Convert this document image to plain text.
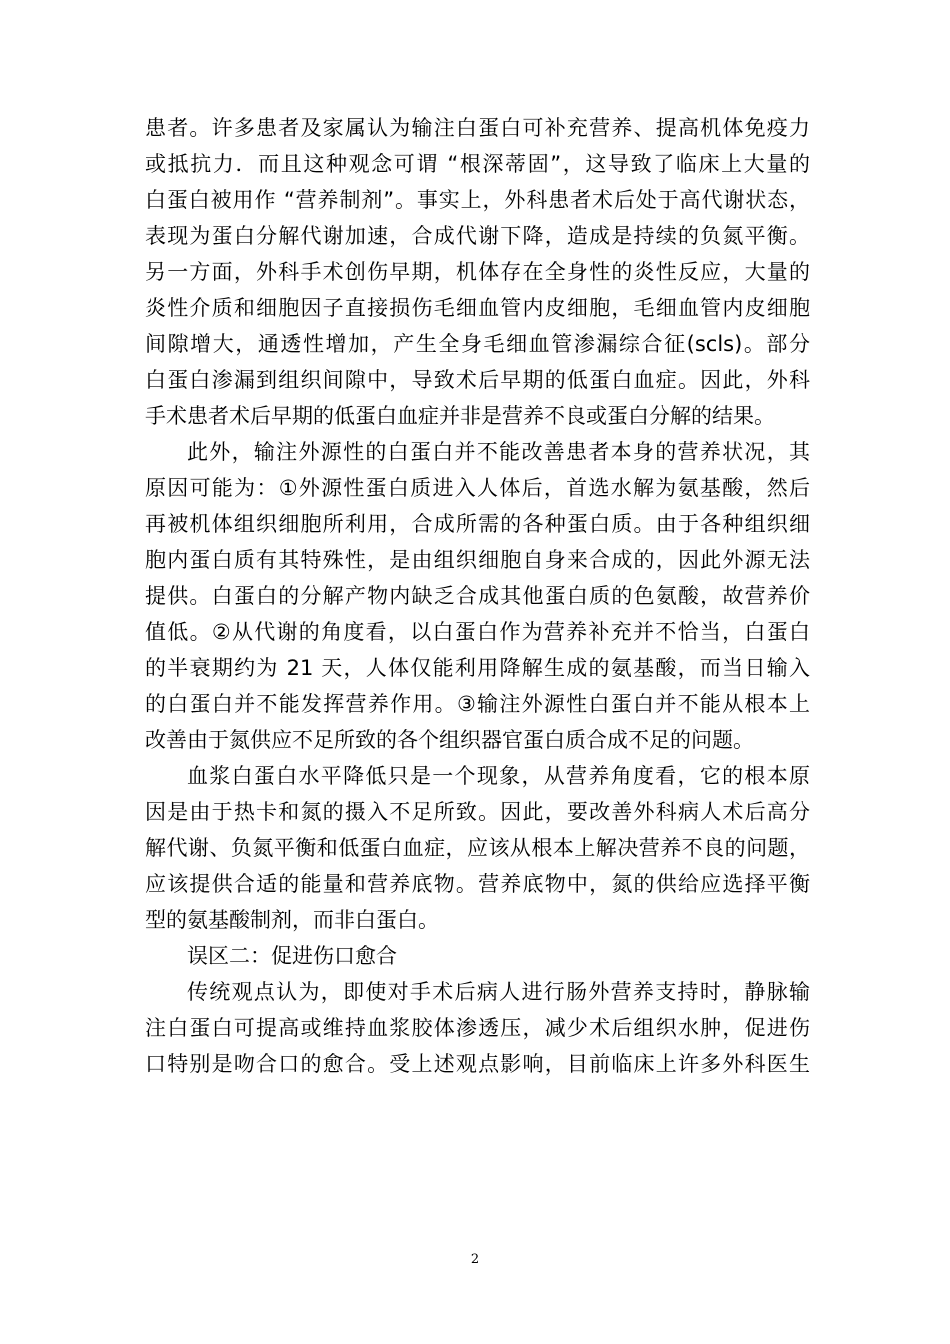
患者。许多患者及家属认为输注白蛋白可补充营养、提高机体免疫力
或抵抗力．而且这种观念可谓 “根深蒂固”，这导致了临床上大量的
白蛋白被用作 “营养制剂”。事实上，外科患者术后处于高代谢状态，
表现为蛋白分解代谢加速，合成代谢下降，造成是持续的负氮平衡。
另一方面，外科手术创伤早期，机体存在全身性的炎性反应，大量的
炎性介质和细胞因子直接损伤毛细血管内皮细胞，毛细血管内皮细胞
间隙增大，通透性增加，产生全身毛细血管渗漏综合征(scls)。部分
白蛋白渗漏到组织间隙中，导致术后早期的低蛋白血症。因此，外科
手术患者术后早期的低蛋白血症并非是营养不良或蛋白分解的结果。
此外，输注外源性的白蛋白并不能改善患者本身的营养状况，其
原因可能为：①外源性蛋白质进入人体后，首选水解为氨基酸，然后
再被机体组织细胞所利用，合成所需的各种蛋白质。由于各种组织细
胞内蛋白质有其特殊性，是由组织细胞自身来合成的，因此外源无法
提供。白蛋白的分解产物内缺乏合成其他蛋白质的色氨酸，故营养价
值低。②从代谢的角度看，以白蛋白作为营养补充并不恰当，白蛋白
的半衰期约为 21 天，人体仅能利用降解生成的氨基酸，而当日输入
的白蛋白并不能发挥营养作用。③输注外源性白蛋白并不能从根本上
改善由于氮供应不足所致的各个组织器官蛋白质合成不足的问题。
血浆白蛋白水平降低只是一个现象，从营养角度看，它的根本原
因是由于热卡和氮的摄入不足所致。因此，要改善外科病人术后高分
解代谢、负氮平衡和低蛋白血症，应该从根本上解决营养不良的问题，
应该提供合适的能量和营养底物。营养底物中，氮的供给应选择平衡
型的氨基酸制剂，而非白蛋白。
误区二：促进伤口愈合
传统观点认为，即使对手术后病人进行肠外营养支持时，静脉输
注白蛋白可提高或维持血浆胶体渗透压，减少术后组织水肿，促进伤
口特别是吻合口的愈合。受上述观点影响，目前临床上许多外科医生
2
